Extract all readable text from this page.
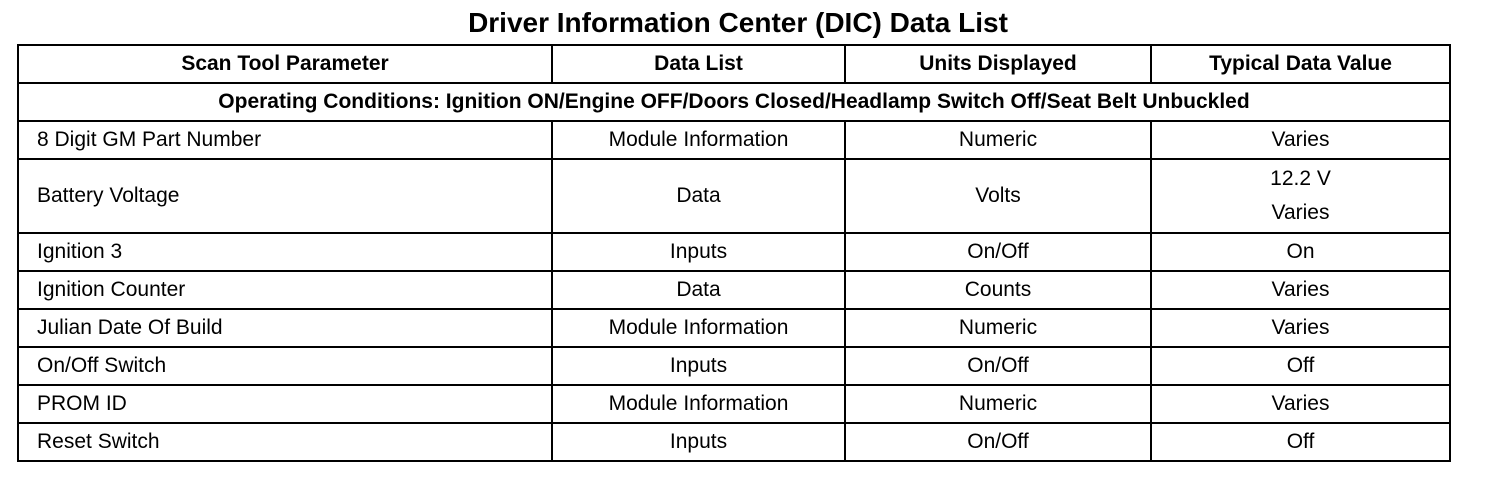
Driver Information Center (DIC) Data List
Scan Tool Parameter	Data List	Units Displayed	Typical Data Value
Operating Conditions: Ignition ON/Engine OFF/Doors Closed/Headlamp Switch Off/Seat Belt Unbuckled			
8 Digit GM Part Number	Module Information	Numeric	Varies

Battery Voltage	Data	Volts	12.2 V
Varies

Ignition 3	Inputs	On/Off	On

Ignition Counter	Data	Counts	Varies

Julian Date Of Build	Module Information	Numeric	Varies

On/Off Switch	Inputs	On/Off	Off

PROM ID	Module Information	Numeric	Varies

Reset Switch	Inputs	On/Off	Off
